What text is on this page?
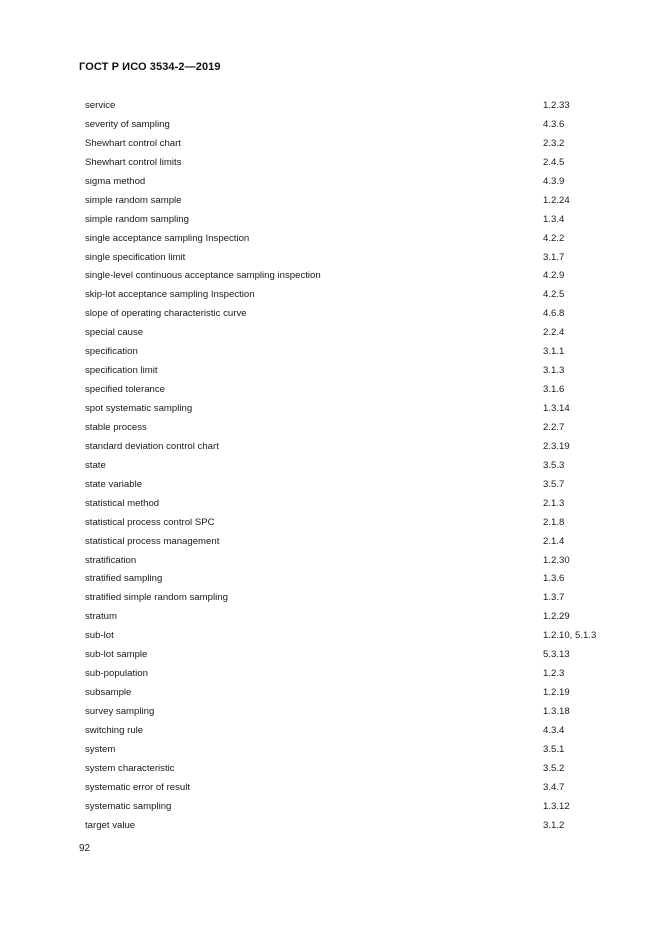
ГОСТ Р ИСО 3534-2—2019
service	1.2.33
severity of sampling	4.3.6
Shewhart control chart	2.3.2
Shewhart control limits	2.4.5
sigma method	4.3.9
simple random sample	1.2.24
simple random sampling	1.3.4
single acceptance sampling Inspection	4.2.2
single specification limit	3.1.7
single-level continuous acceptance sampling inspection	4.2.9
skip-lot acceptance sampling Inspection	4.2.5
slope of operating characteristic curve	4.6.8
special cause	2.2.4
specification	3.1.1
specification limit	3.1.3
specified tolerance	3.1.6
spot systematic sampling	1.3.14
stable process	2.2.7
standard deviation control chart	2.3.19
state	3.5.3
state variable	3.5.7
statistical method	2.1.3
statistical process control SPC	2.1.8
statistical process management	2.1.4
stratification	1.2.30
stratified sampling	1.3.6
stratified simple random sampling	1.3.7
stratum	1.2.29
sub-lot	1.2.10, 5.1.3
sub-lot sample	5.3.13
sub-population	1.2.3
subsample	1.2.19
survey sampling	1.3.18
switching rule	4.3.4
system	3.5.1
system characteristic	3.5.2
systematic error of result	3.4.7
systematic sampling	1.3.12
target value	3.1.2
92
